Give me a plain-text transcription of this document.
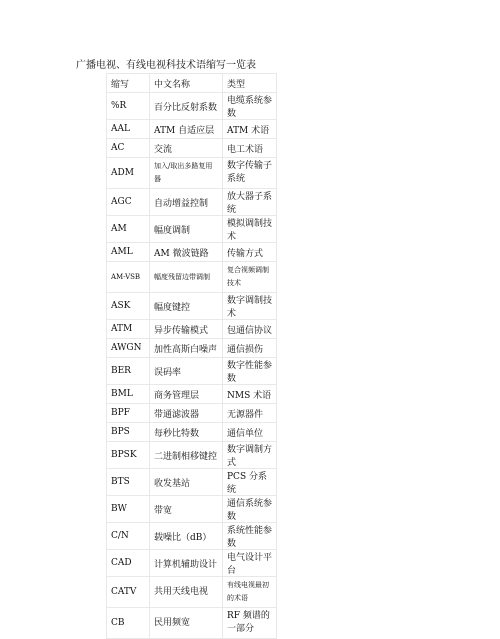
广播电视、有线电视科技术语缩写一览表
缩写	中文名称	类型
%R	百分比反射系数	电缆系统参数
AAL	ATM 自适应层	ATM 术语
AC	交流	电工术语
ADM	加入/取出多路复用器	数字传输子系统
AGC	自动增益控制	放大器子系统
AM	幅度调制	模拟调制技术
AML	AM 微波链路	传输方式
AM-VSB	幅度残留边带调制	复合视频调制技术
ASK	幅度键控	数字调制技术
ATM	异步传输模式	包通信协议
AWGN	加性高斯白噪声	通信损伤
BER	误码率	数字性能参数
BML	商务管理层	NMS 术语
BPF	带通滤波器	无源器件
BPS	每秒比特数	通信单位
BPSK	二进制相移键控	数字调制方式
BTS	收发基站	PCS 分系统
BW	带宽	通信系统参数
C/N	载噪比（dB）	系统性能参数
CAD	计算机辅助设计	电气设计平台
CATV	共用天线电视	有线电视最初的术语
CB	民用频宽	RF 频谱的一部分
